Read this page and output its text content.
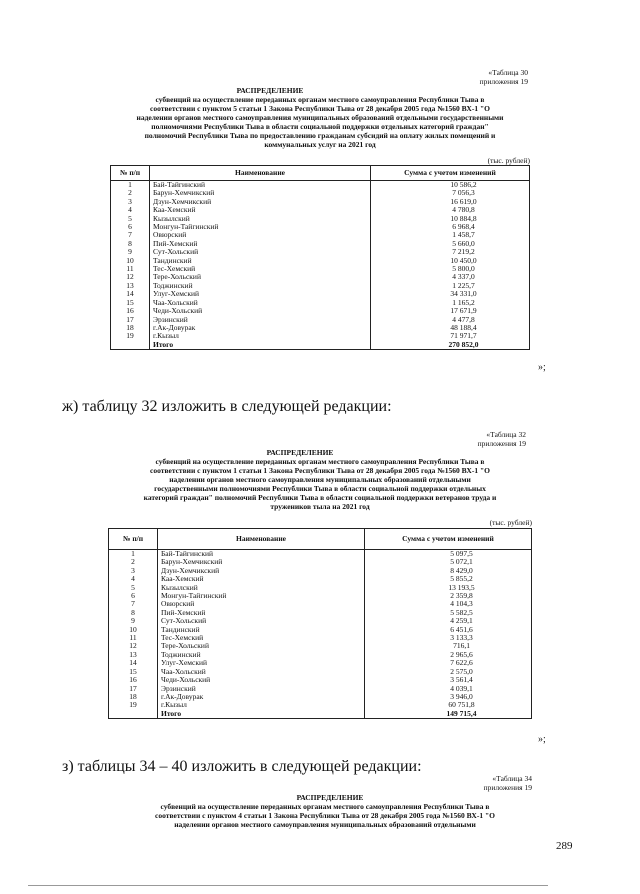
«Таблица 30
приложения 19
РАСПРЕДЕЛЕНИЕ
субвенций на осуществление переданных органам местного самоуправления Республики Тыва в
соответствии с пунктом 5 статьи 1 Закона Республики Тыва от 28 декабря 2005 года №1560 ВХ-1 "О
наделении органов местного самоуправления муниципальных образований отдельными государственными
полномочиями Республики Тыва в области социальной поддержки отдельных категорий граждан"
полномочий Республики Тыва по предоставлению гражданам субсидий на оплату жилых помещений и
коммунальных услуг на 2021 год
(тыс. рублей)
№ п/п	Наименование	Сумма с учетом изменений
1	Бай-Тайгинский	10 586,2
2	Барун-Хемчикский	7 056,3
3	Дзун-Хемчикский	16 619,0
4	Каа-Хемский	4 780,8
5	Кызылский	10 884,8
6	Монгун-Тайгинский	6 968,4
7	Овюрский	1 458,7
8	Пий-Хемский	5 660,0
9	Сут-Хольский	7 219,2
10	Тандинский	10 450,0
11	Тес-Хемский	5 800,0
12	Тере-Хольский	4 337,0
13	Тоджинский	1 225,7
14	Улуг-Хемский	34 331,0
15	Чаа-Хольский	1 165,2
16	Чеди-Хольский	17 671,9
17	Эрзинский	4 477,8
18	г.Ак-Довурак	48 188,4
19	г.Кызыл	71 971,7
	Итого	270 852,0
»;
ж) таблицу 32 изложить в следующей редакции:
«Таблица 32
приложения 19
РАСПРЕДЕЛЕНИЕ
субвенций на осуществление переданных органам местного самоуправления Республики Тыва в
соответствии с пунктом 1 статьи 1 Закона Республики Тыва от 28 декабря 2005 года №1560 ВХ-1 "О
наделении органов местного самоуправления муниципальных образований отдельными
государственными полномочиями Республики Тыва в области социальной поддержки отдельных
категорий граждан" полномочий Республики Тыва в области социальной поддержки ветеранов труда и
тружеников тыла на 2021 год
(тыс. рублей)
№ п/п	Наименование	Сумма с учетом изменений
1	Бай-Тайгинский	5 097,5
2	Барун-Хемчикский	5 072,1
3	Дзун-Хемчикский	8 429,0
4	Каа-Хемский	5 855,2
5	Кызылский	13 193,5
6	Монгун-Тайгинский	2 359,8
7	Овюрский	4 104,3
8	Пий-Хемский	5 582,5
9	Сут-Хольский	4 259,1
10	Тандинский	6 451,6
11	Тес-Хемский	3 133,3
12	Тере-Хольский	716,1
13	Тоджинский	2 965,6
14	Улуг-Хемский	7 622,6
15	Чаа-Хольский	2 575,0
16	Чеди-Хольский	3 561,4
17	Эрзинский	4 039,1
18	г.Ак-Довурак	3 946,0
19	г.Кызыл	60 751,8
	Итого	149 715,4
»;
з) таблицы 34 – 40 изложить в следующей редакции:
«Таблица 34
приложения 19
РАСПРЕДЕЛЕНИЕ
субвенций на осуществление переданных органам местного самоуправления Республики Тыва в
соответствии с пунктом 4 статьи 1 Закона Республики Тыва от 28 декабря 2005 года №1560 ВХ-1 "О
наделении органов местного самоуправления муниципальных образований отдельными
289
